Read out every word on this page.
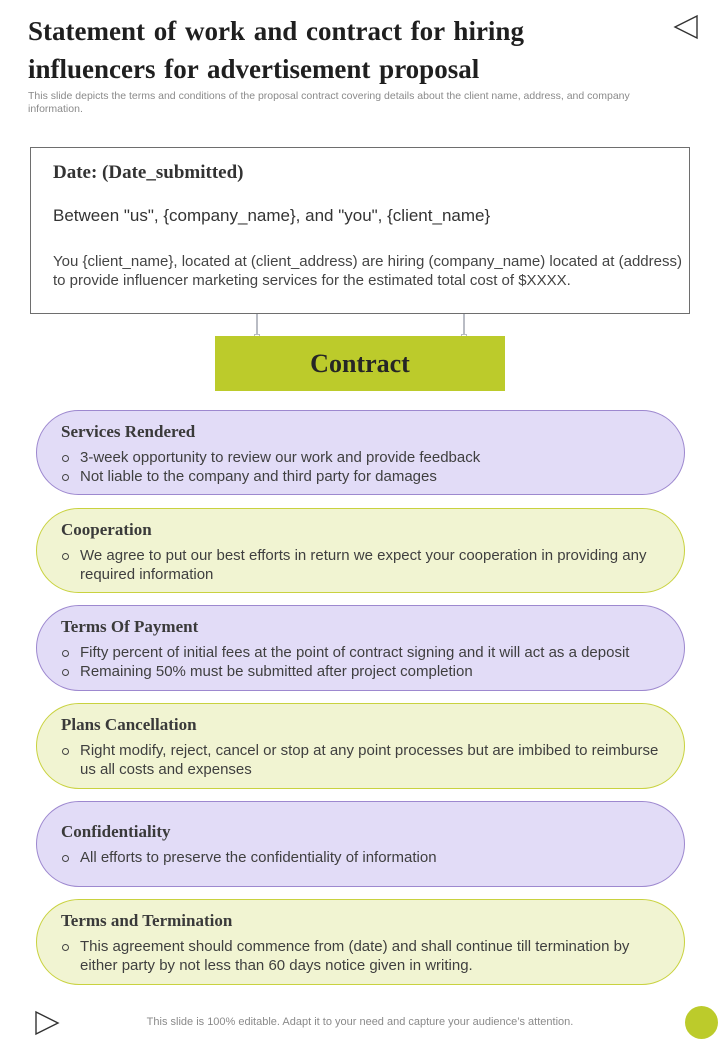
Statement of work and contract for hiring influencers for advertisement proposal
This slide depicts the terms and conditions of the proposal contract covering details about the client name, address, and company information.
Date: (Date_submitted)
Between "us", {company_name}, and "you", {client_name}
You {client_name}, located at (client_address) are hiring (company_name) located at (address) to provide influencer marketing services for the estimated total cost of $XXXX.
Contract
Services Rendered
3-week opportunity to review our work and provide feedback
Not liable to the company and third party for damages
Cooperation
We agree to put our best efforts in return we expect your cooperation in providing any required information
Terms Of Payment
Fifty percent of initial fees at the point of contract signing and it will act as a deposit
Remaining 50% must be submitted after project completion
Plans Cancellation
Right modify, reject, cancel or stop at any point processes but are imbibed to reimburse us all costs and expenses
Confidentiality
All efforts to preserve the confidentiality of information
Terms and Termination
This agreement should commence from (date) and shall continue till termination by either party by not less than 60 days notice given in writing.
This slide is 100% editable. Adapt it to your need and capture your audience’s attention.
